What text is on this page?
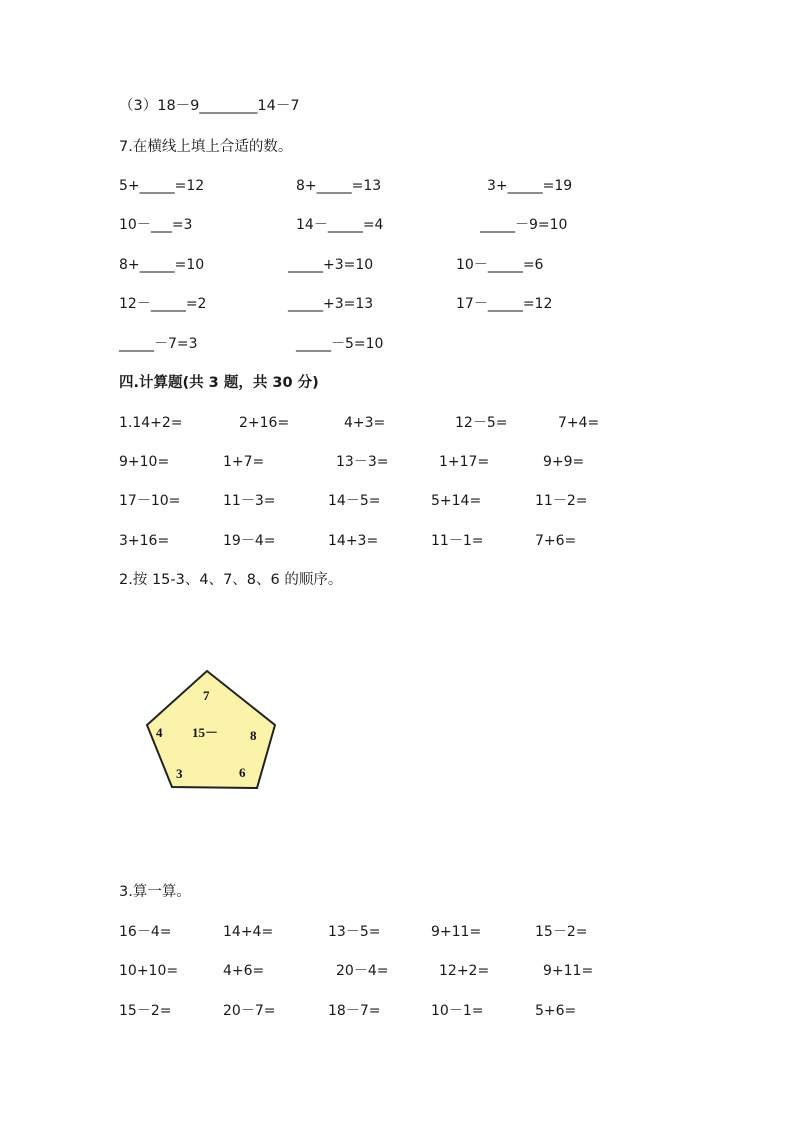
（3）18－9________14－7
7.在横线上填上合适的数。
5+_____=12	8+_____=13	3+_____=19
10－___=3	14－_____=4	_____－9=10
8+_____=10	_____+3=10	10－_____=6
12－_____=2	_____+3=13	17－_____=12
_____－7=3	_____－5=10
四.计算题(共 3 题，共 30 分)
1.14+2=	2+16=	4+3=	12－5=	7+4=
9+10=	1+7=	13－3=	1+17=	9+9=
17－10=	11－3=	14－5=	5+14=	11－2=
3+16=	19－4=	14+3=	11－1=	7+6=
2.按 15-3、4、7、8、6 的顺序。
7
4 15－ 8
3	6
3.算一算。
16－4=	14+4=	13－5=	9+11=	15－2=
10+10=	4+6=	20－4=	12+2=	9+11=
15－2=	20－7=	18－7=	10－1=	5+6=
